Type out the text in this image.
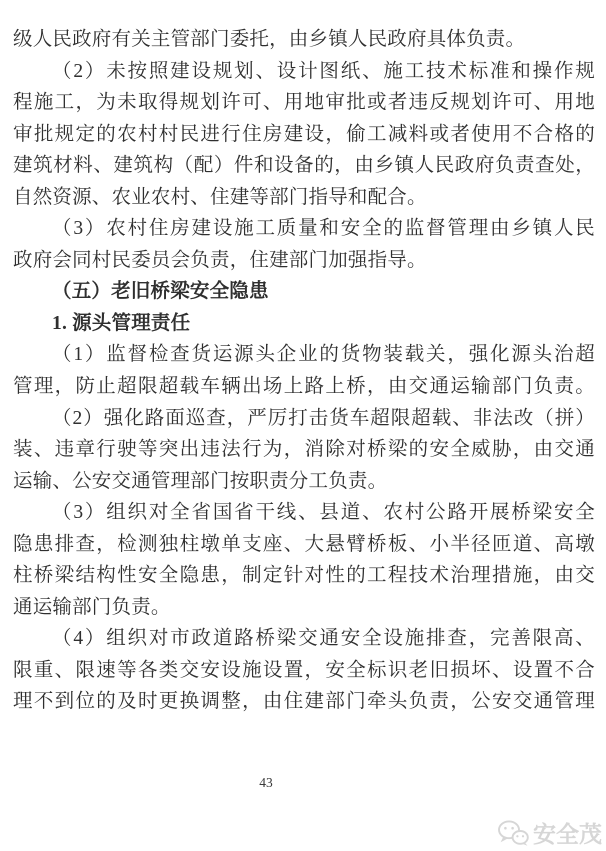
级人民政府有关主管部门委托，由乡镇人民政府具体负责。
（2）未按照建设规划、设计图纸、施工技术标准和操作规
程施工，为未取得规划许可、用地审批或者违反规划许可、用地
审批规定的农村村民进行住房建设，偷工减料或者使用不合格的
建筑材料、建筑构（配）件和设备的，由乡镇人民政府负责查处，
自然资源、农业农村、住建等部门指导和配合。
（3）农村住房建设施工质量和安全的监督管理由乡镇人民
政府会同村民委员会负责，住建部门加强指导。
（五）老旧桥梁安全隐患
1. 源头管理责任
（1）监督检查货运源头企业的货物装载关，强化源头治超
管理，防止超限超载车辆出场上路上桥，由交通运输部门负责。
（2）强化路面巡查，严厉打击货车超限超载、非法改（拼）
装、违章行驶等突出违法行为，消除对桥梁的安全威胁，由交通
运输、公安交通管理部门按职责分工负责。
（3）组织对全省国省干线、县道、农村公路开展桥梁安全
隐患排查，检测独柱墩单支座、大悬臂桥板、小半径匝道、高墩
柱桥梁结构性安全隐患，制定针对性的工程技术治理措施，由交
通运输部门负责。
（4）组织对市政道路桥梁交通安全设施排查，完善限高、
限重、限速等各类交安设施设置，安全标识老旧损坏、设置不合
理不到位的及时更换调整，由住建部门牵头负责，公安交通管理
43
安全茂
